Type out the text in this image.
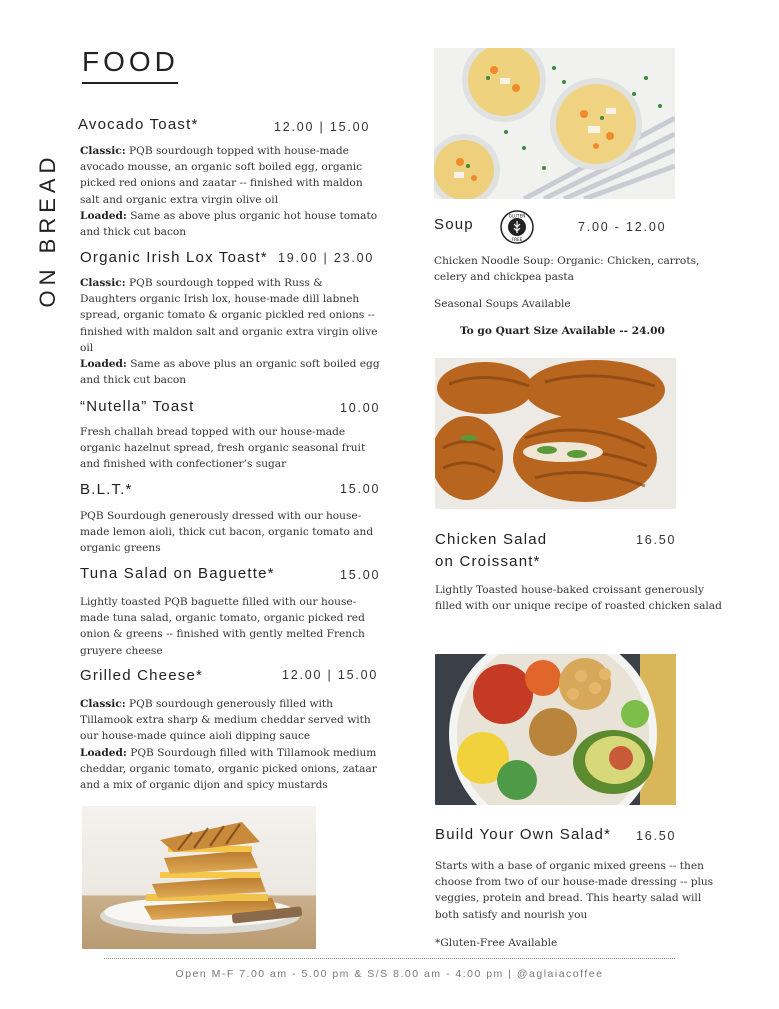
FOOD
ON BREAD
Avocado Toast*	12.00 | 15.00
Classic: PQB sourdough topped with house-made avocado mousse, an organic soft boiled egg, organic picked red onions and zaatar -- finished with maldon salt and organic extra virgin olive oil
Loaded: Same as above plus organic hot house tomato and thick cut bacon
Organic Irish Lox Toast* 19.00 | 23.00
Classic: PQB sourdough topped with Russ & Daughters organic Irish lox, house-made dill labneh spread, organic tomato & organic pickled red onions -- finished with maldon salt and organic extra virgin olive oil
Loaded: Same as above plus an organic soft boiled egg and thick cut bacon
“Nutella” Toast	10.00
Fresh challah bread topped with our house-made organic hazelnut spread, fresh organic seasonal fruit and finished with confectioner’s sugar
B.L.T.*	15.00
PQB Sourdough generously dressed with our house-made lemon aioli, thick cut bacon, organic tomato and organic greens
Tuna Salad on Baguette*	15.00
Lightly toasted PQB baguette filled with our house-made tuna salad, organic tomato, organic picked red onion & greens -- finished with gently melted French gruyere cheese
Grilled Cheese*	12.00 | 15.00
Classic: PQB sourdough generously filled with Tillamook extra sharp & medium cheddar served with our house-made quince aioli dipping sauce
Loaded: PQB Sourdough filled with Tillamook medium cheddar, organic tomato, organic picked onions, zataar and a mix of organic dijon and spicy mustards
Soup	GLUTEN
FREE
7.00 - 12.00
Chicken Noodle Soup: Organic: Chicken, carrots, celery and chickpea pasta
Seasonal Soups Available
To go Quart Size Available -- 24.00
Chicken Salad
on Croissant*
16.50
Lightly Toasted house-baked croissant generously filled with our unique recipe of roasted chicken salad
Build Your Own Salad* 16.50
Starts with a base of organic mixed greens -- then choose from two of our house-made dressing -- plus veggies, protein and bread. This hearty salad will both satisfy and nourish you
*Gluten-Free Available
Open M-F 7.00 am - 5.00 pm & S/S 8.00 am - 4:00 pm | @aglaiacoffee
